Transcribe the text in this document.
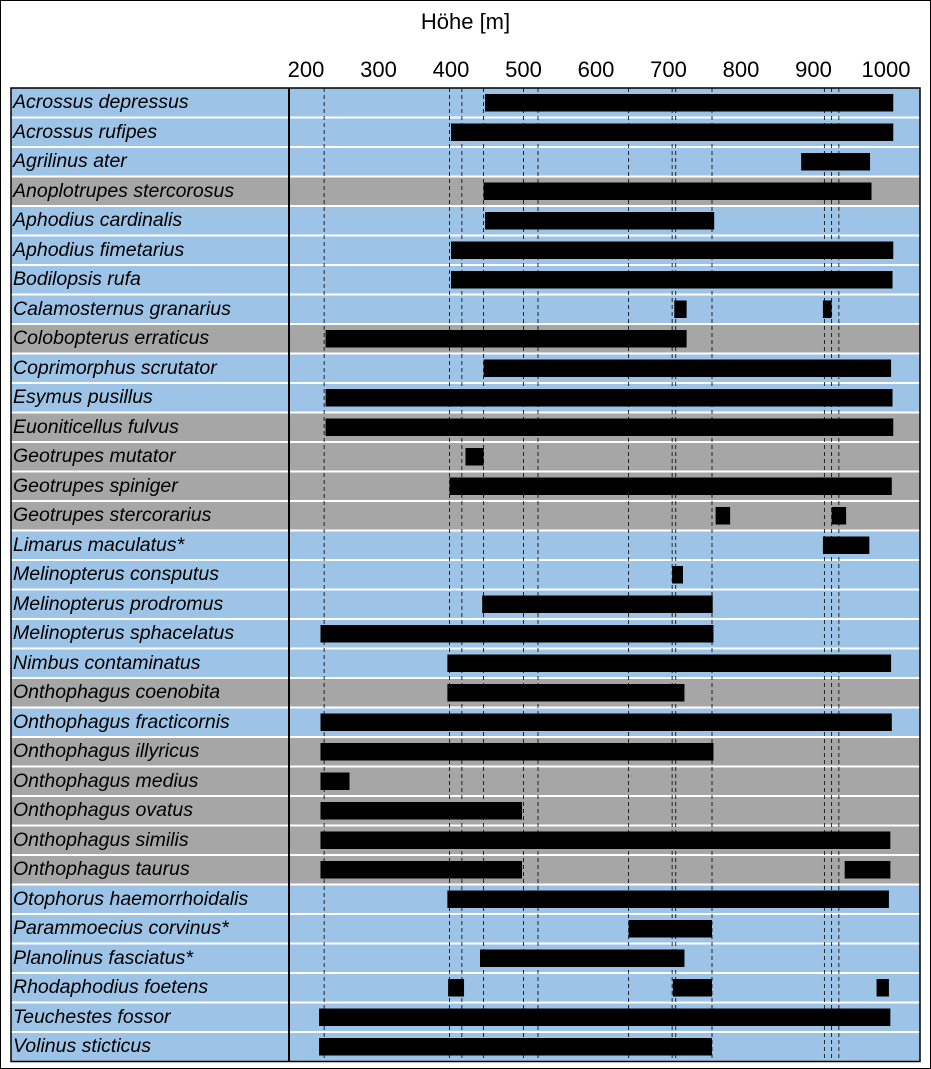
Höhe [m]
200 300 400 500 600 700 800 900 1000
Acrossus depressus
Acrossus rufipes
Agrilinus ater
Anoplotrupes stercorosus
Aphodius cardinalis
Aphodius fimetarius
Bodilopsis rufa
Calamosternus granarius
Colobopterus erraticus
Coprimorphus scrutator
Esymus pusillus
Euoniticellus fulvus
Geotrupes mutator
Geotrupes spiniger
Geotrupes stercorarius
Limarus maculatus*
Melinopterus consputus
Melinopterus prodromus
Melinopterus sphacelatus
Nimbus contaminatus
Onthophagus coenobita
Onthophagus fracticornis
Onthophagus illyricus
Onthophagus medius
Onthophagus ovatus
Onthophagus similis
Onthophagus taurus
Otophorus haemorrhoidalis
Parammoecius corvinus*
Planolinus fasciatus*
Rhodaphodius foetens
Teuchestes fossor
Volinus sticticus
